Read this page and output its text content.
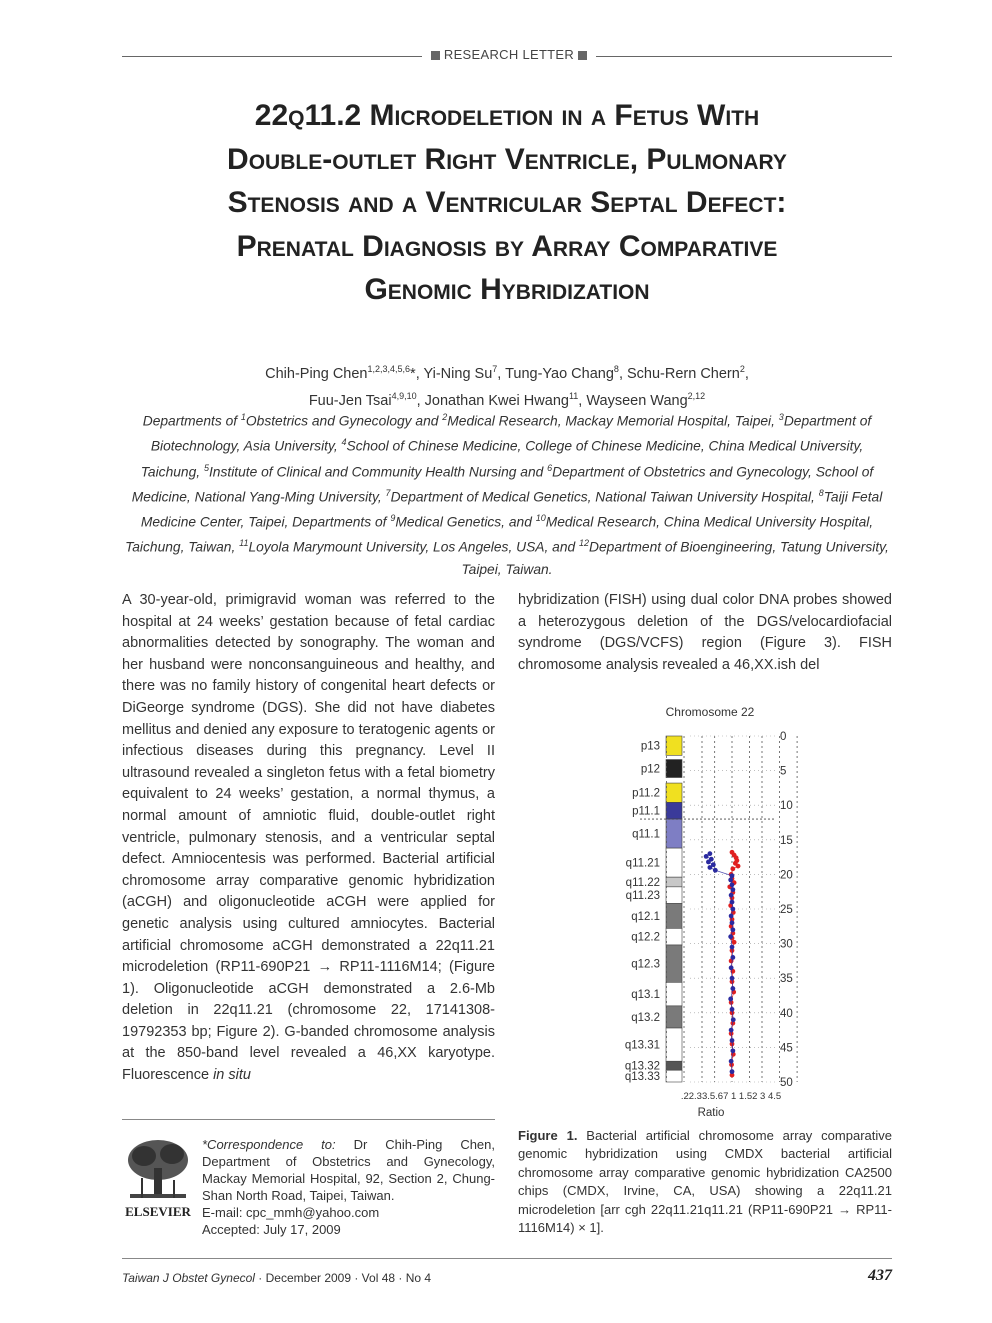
RESEARCH LETTER
22q11.2 Microdeletion in a Fetus With
Double-outlet Right Ventricle, Pulmonary
Stenosis and a Ventricular Septal Defect:
Prenatal Diagnosis by Array Comparative
Genomic Hybridization
Chih-Ping Chen$^{1,2,3,4,5,6}$*, Yi-Ning Su$^7$, Tung-Yao Chang$^8$, Schu-Rern Chern$^2$,
Fuu-Jen Tsai$^{4,9,10}$, Jonathan Kwei Hwang$^{11}$, Wayseen Wang$^{2,12}$
Departments of $^1$Obstetrics and Gynecology and $^2$Medical Research, Mackay Memorial Hospital, Taipei, $^3$Department of Biotechnology, Asia University, $^4$School of Chinese Medicine, College of Chinese Medicine, China Medical University, Taichung, $^5$Institute of Clinical and Community Health Nursing and $^6$Department of Obstetrics and Gynecology, School of Medicine, National Yang-Ming University, $^7$Department of Medical Genetics, National Taiwan University Hospital, $^8$Taiji Fetal Medicine Center, Taipei, Departments of $^9$Medical Genetics, and $^{10}$Medical Research, China Medical University Hospital, Taichung, Taiwan, $^{11}$Loyola Marymount University, Los Angeles, USA, and $^{12}$Department of Bioengineering, Tatung University, Taipei, Taiwan.
A 30-year-old, primigravid woman was referred to the hospital at 24 weeks’ gestation because of fetal cardiac abnormalities detected by sonography. The woman and her husband were nonconsanguineous and healthy, and there was no family history of congenital heart defects or DiGeorge syndrome (DGS). She did not have diabetes mellitus and denied any exposure to teratogenic agents or infectious diseases during this pregnancy. Level II ultrasound revealed a singleton fetus with a fetal biometry equivalent to 24 weeks’ gestation, a normal thymus, a normal amount of amniotic fluid, double-outlet right ventricle, pulmonary stenosis, and a ventricular septal defect. Amniocentesis was performed. Bacterial artificial chromosome array comparative genomic hybridization (aCGH) and oligonucleotide aCGH were applied for genetic analysis using cultured amniocytes. Bacterial artificial chromosome aCGH demonstrated a 22q11.21 microdeletion (RP11-690P21 → RP11-1116M14; (Figure 1). Oligonucleotide aCGH demonstrated a 2.6-Mb deletion in 22q11.21 (chromosome 22, 17141308-19792353 bp; Figure 2). G-banded chromosome analysis at the 850-band level revealed a 46,XX karyotype. Fluorescence in situ
hybridization (FISH) using dual color DNA probes showed a heterozygous deletion of the DGS/velocardiofacial syndrome (DGS/VCFS) region (Figure 3). FISH chromosome analysis revealed a 46,XX.ish del
Chromosome 22
p13
p12
p11.2
p11.1
q11.1
q11.21
q11.22
q11.23
q12.1
q12.2
q12.3
q13.1
q13.2
q13.31
q13.32
q13.33
0
5
10
15
20
25
30
35
40
45
50
.22.33.5.67 1 1.52 3 4.5
Ratio
Figure 1. Bacterial artificial chromosome array comparative genomic hybridization using CMDX bacterial artificial chromosome array comparative genomic hybridization CA2500 chips (CMDX, Irvine, CA, USA) showing a 22q11.21 microdeletion [arr cgh 22q11.21q11.21 (RP11-690P21 → RP11-1116M14) × 1].
ELSEVIER
*Correspondence to: Dr Chih-Ping Chen, Department of Obstetrics and Gynecology, Mackay Memorial Hospital, 92, Section 2, Chung-Shan North Road, Taipei, Taiwan.
E-mail: cpc_mmh@yahoo.com
Accepted: July 17, 2009
Taiwan J Obstet Gynecol · December 2009 · Vol 48 · No 4	437
